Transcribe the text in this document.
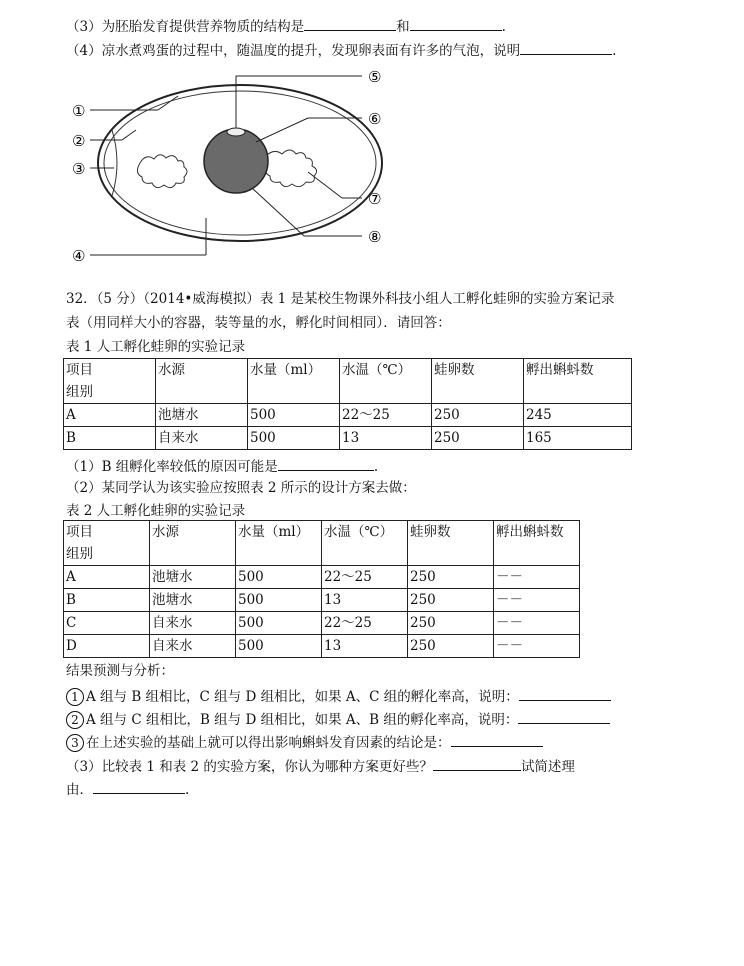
（3）为胚胎发育提供营养物质的结构是	和	.
（4）凉水煮鸡蛋的过程中，随温度的提升，发现卵表面有许多的气泡，说明	.
①
②
③
④
⑤
⑥
⑦
⑧
32．（5 分）（2014•威海模拟）表 1 是某校生物课外科技小组人工孵化蛙卵的实验方案记录
表（用同样大小的容器，装等量的水，孵化时间相同）．请回答：
表 1 人工孵化蛙卵的实验记录
项目
组别	水源	水量（ml）	水温（℃）	蛙卵数	孵出蝌蚪数
A	池塘水	500	22～25	250	245
B	自来水	500	13	250	165
（1）B 组孵化率较低的原因可能是	.
（2）某同学认为该实验应按照表 2 所示的设计方案去做：
表 2 人工孵化蛙卵的实验记录
项目
组别	水源	水量（ml）	水温（℃）	蛙卵数	孵出蝌蚪数
A	池塘水	500	22～25	250	－－
B	池塘水	500	13	250	－－
C	自来水	500	22～25	250	－－
D	自来水	500	13	250	－－
结果预测与分析：
1 A 组与 B 组相比，C 组与 D 组相比，如果 A、C 组的孵化率高，说明：
2 A 组与 C 组相比，B 组与 D 组相比，如果 A、B 组的孵化率高，说明：
3 在上述实验的基础上就可以得出影响蝌蚪发育因素的结论是：
（3）比较表 1 和表 2 的实验方案，你认为哪种方案更好些？	试简述理
由．	.
